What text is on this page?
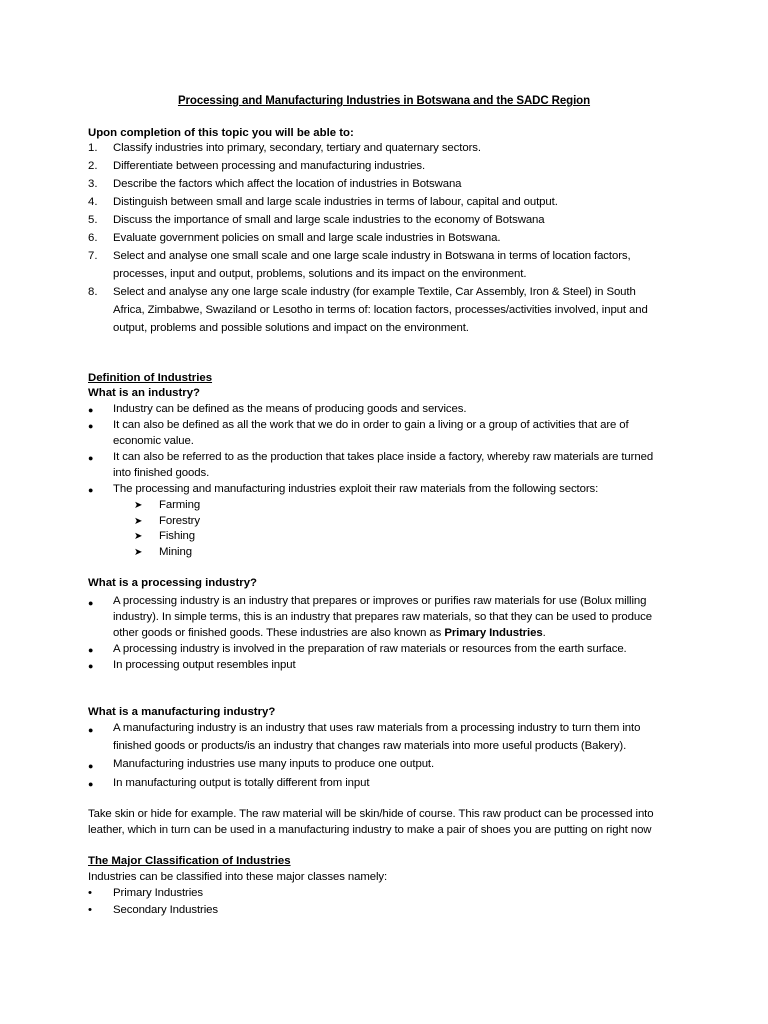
Processing and Manufacturing Industries in Botswana and the SADC Region
Upon completion of this topic you will be able to:
1. Classify industries into primary, secondary, tertiary and quaternary sectors.
2. Differentiate between processing and manufacturing industries.
3. Describe the factors which affect the location of industries in Botswana
4. Distinguish between small and large scale industries in terms of labour, capital and output.
5. Discuss the importance of small and large scale industries to the economy of Botswana
6. Evaluate government policies on small and large scale industries in Botswana.
7. Select and analyse one small scale and one large scale industry in Botswana in terms of location factors,
processes, input and output, problems, solutions and its impact on the environment.
8. Select and analyse any one large scale industry (for example Textile, Car Assembly, Iron & Steel) in South
Africa, Zimbabwe, Swaziland or Lesotho in terms of: location factors, processes/activities involved, input and
output, problems and possible solutions and impact on the environment.
Definition of Industries
What is an industry?
●	Industry can be defined as the means of producing goods and services.
●	It can also be defined as all the work that we do in order to gain a living or a group of activities that are of
economic value.
●	It can also be referred to as the production that takes place inside a factory, whereby raw materials are turned
into finished goods.
●	The processing and manufacturing industries exploit their raw materials from the following sectors:
➤ Farming
➤ Forestry
➤ Fishing
➤ Mining
What is a processing industry?
●	A processing industry is an industry that prepares or improves or purifies raw materials for use (Bolux milling
industry). In simple terms, this is an industry that prepares raw materials, so that they can be used to produce
other goods or finished goods. These industries are also known as Primary Industries.
●	A processing industry is involved in the preparation of raw materials or resources from the earth surface.
●	In processing output resembles input
What is a manufacturing industry?
●	A manufacturing industry is an industry that uses raw materials from a processing industry to turn them into
finished goods or products/is an industry that changes raw materials into more useful products (Bakery).
●	Manufacturing industries use many inputs to produce one output.
●	In manufacturing output is totally different from input
Take skin or hide for example. The raw material will be skin/hide of course. This raw product can be processed into
leather, which in turn can be used in a manufacturing industry to make a pair of shoes you are putting on right now
The Major Classification of Industries
Industries can be classified into these major classes namely:
•	Primary Industries
•	Secondary Industries
